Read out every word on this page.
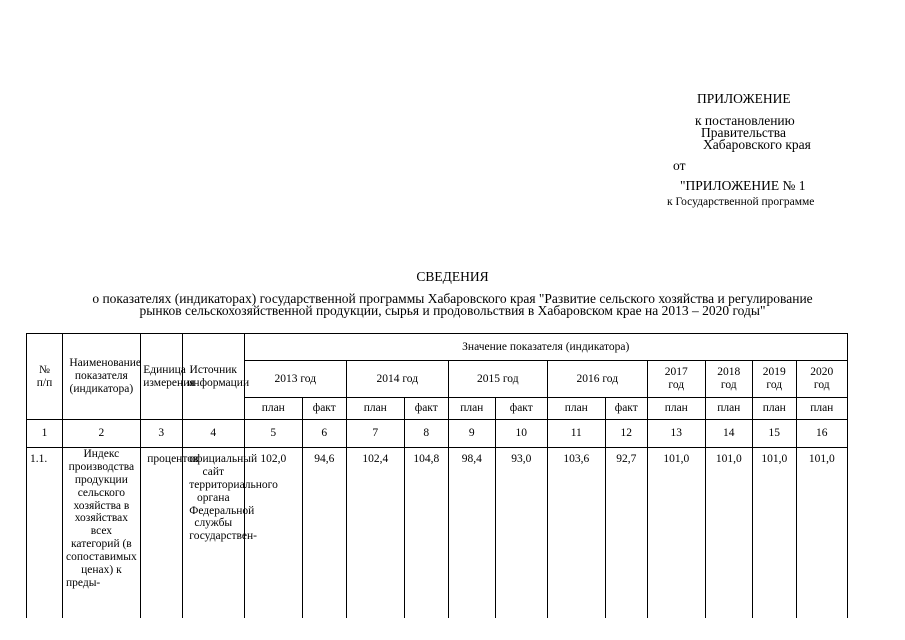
ПРИЛОЖЕНИЕ
к постановлению
Правительства
Хабаровского края
от
"ПРИЛОЖЕНИЕ № 1
к Государственной программе
СВЕДЕНИЯ
о показателях (индикаторах) государственной программы Хабаровского края "Развитие сельского хозяйства и регулирование
рынков сельскохозяйственной продукции, сырья и продовольствия в Хабаровском крае на 2013 – 2020 годы"
№ п/п	Наименование показателя (индикатора)	Единица измерения	Источник информации	Значение показателя (индикатора)											
				2013 год		2014 год		2015 год		2016 год		2017 год	2018 год	2019 год	2020 год
				план	факт	план	факт	план	факт	план	факт	план	план	план	план
1	2	3	4	5	6	7	8	9	10	11	12	13	14	15	16
1.1.	Индекс производства продукции сельского хозяйства в хозяйствах всех категорий (в сопоставимых ценах) к преды-	процентов	официальный сайт территориального органа Федеральной службы государствен-	102,0	94,6	102,4	104,8	98,4	93,0	103,6	92,7	101,0	101,0	101,0	101,0
